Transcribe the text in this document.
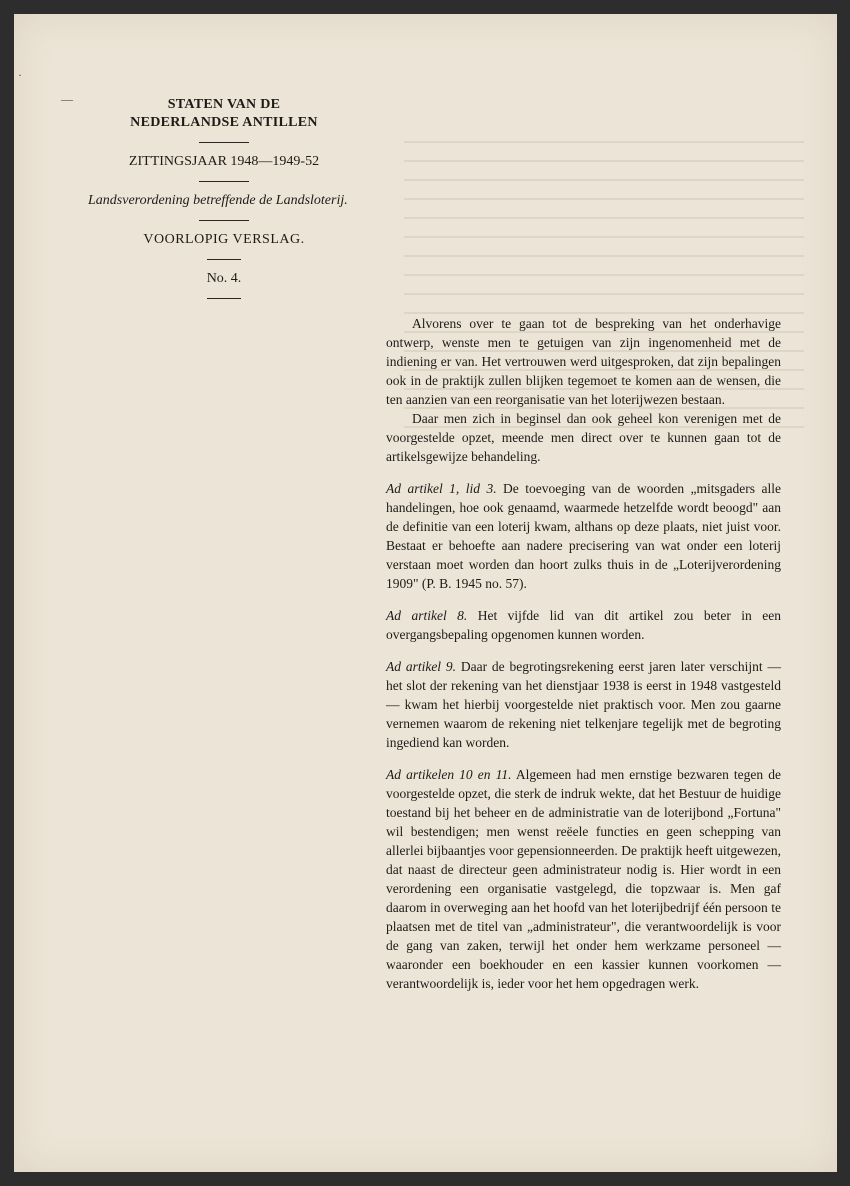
—
·
STATEN VAN DE
NEDERLANDSE ANTILLEN
ZITTINGSJAAR 1948—1949-52
Landsverordening betreffende de Landsloterij.
VOORLOPIG VERSLAG.
No. 4.

Alvorens over te gaan tot de bespreking van het onderhavige ontwerp, wenste men te getuigen van zijn ingenomenheid met de indiening er van. Het vertrouwen werd uitgesproken, dat zijn bepalingen ook in de praktijk zullen blijken tegemoet te komen aan de wensen, die ten aanzien van een reorganisatie van het loterijwezen bestaan.

Daar men zich in beginsel dan ook geheel kon verenigen met de voorgestelde opzet, meende men direct over te kunnen gaan tot de artikelsgewijze behandeling.

Ad artikel 1, lid 3. De toevoeging van de woorden „mitsgaders alle handelingen, hoe ook genaamd, waarmede hetzelfde wordt beoogd" aan de definitie van een loterij kwam, althans op deze plaats, niet juist voor. Bestaat er behoefte aan nadere precisering van wat onder een loterij verstaan moet worden dan hoort zulks thuis in de „Loterijverordening 1909" (P. B. 1945 no. 57).

Ad artikel 8. Het vijfde lid van dit artikel zou beter in een overgangsbepaling opgenomen kunnen worden.

Ad artikel 9. Daar de begrotingsrekening eerst jaren later verschijnt — het slot der rekening van het dienstjaar 1938 is eerst in 1948 vastgesteld — kwam het hierbij voorgestelde niet praktisch voor. Men zou gaarne vernemen waarom de rekening niet telkenjare tegelijk met de begroting ingediend kan worden.

Ad artikelen 10 en 11. Algemeen had men ernstige bezwaren tegen de voorgestelde opzet, die sterk de indruk wekte, dat het Bestuur de huidige toestand bij het beheer en de administratie van de loterijbond „Fortuna" wil bestendigen; men wenst reëele functies en geen schepping van allerlei bijbaantjes voor gepensionneerden. De praktijk heeft uitgewezen, dat naast de directeur geen administrateur nodig is. Hier wordt in een verordening een organisatie vastgelegd, die topzwaar is. Men gaf daarom in overweging aan het hoofd van het loterijbedrijf één persoon te plaatsen met de titel van „administrateur", die verantwoordelijk is voor de gang van zaken, terwijl het onder hem werkzame personeel — waaronder een boekhouder en een kassier kunnen voorkomen — verantwoordelijk is, ieder voor het hem opgedragen werk.
